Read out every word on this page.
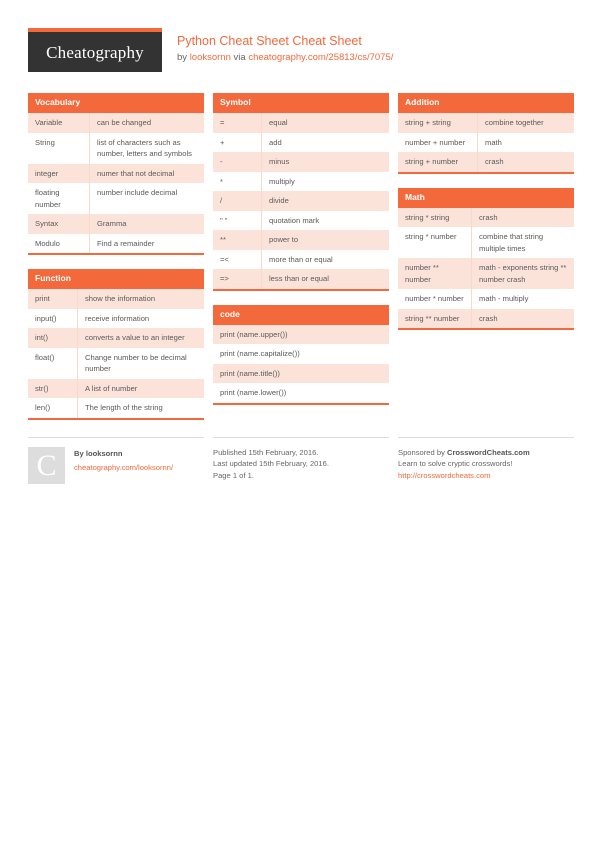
Cheatography
Python Cheat Sheet Cheat Sheet
by looksornn via cheatography.com/25813/cs/7075/
Vocabulary
Variable	can be changed
String	list of characters such as number, letters and symbols
integer	numer that not decimal
floating number	number include decimal
Syntax	Gramma
Modulo	Find a remainder
Function
print	show the information
input()	receive information
int()	converts a value to an integer
float()	Change number to be decimal number
str()	A list of number
len()	The length of the string
Symbol
=	equal
+	add
-	minus
*	multiply
/	divide
" "	quotation mark
**	power to
=<	more than or equal
=>	less than or equal
code
print (name.upper())
print (name.capitalize())
print (name.title())
print (name.lower())
Addition
string + string	combine together
number + number	math
string + number	crash
Math
string * string	crash
string * number	combine that string multiple times
number ** number	math - exponents string ** number crash
number * number	math - multiply
string ** number	crash
C	By looksornn
cheatography.com/looksornn/
Published 15th February, 2016.
Last updated 15th February, 2016.
Page 1 of 1.
Sponsored by CrosswordCheats.com
Learn to solve cryptic crosswords!
http://crosswordcheats.com
